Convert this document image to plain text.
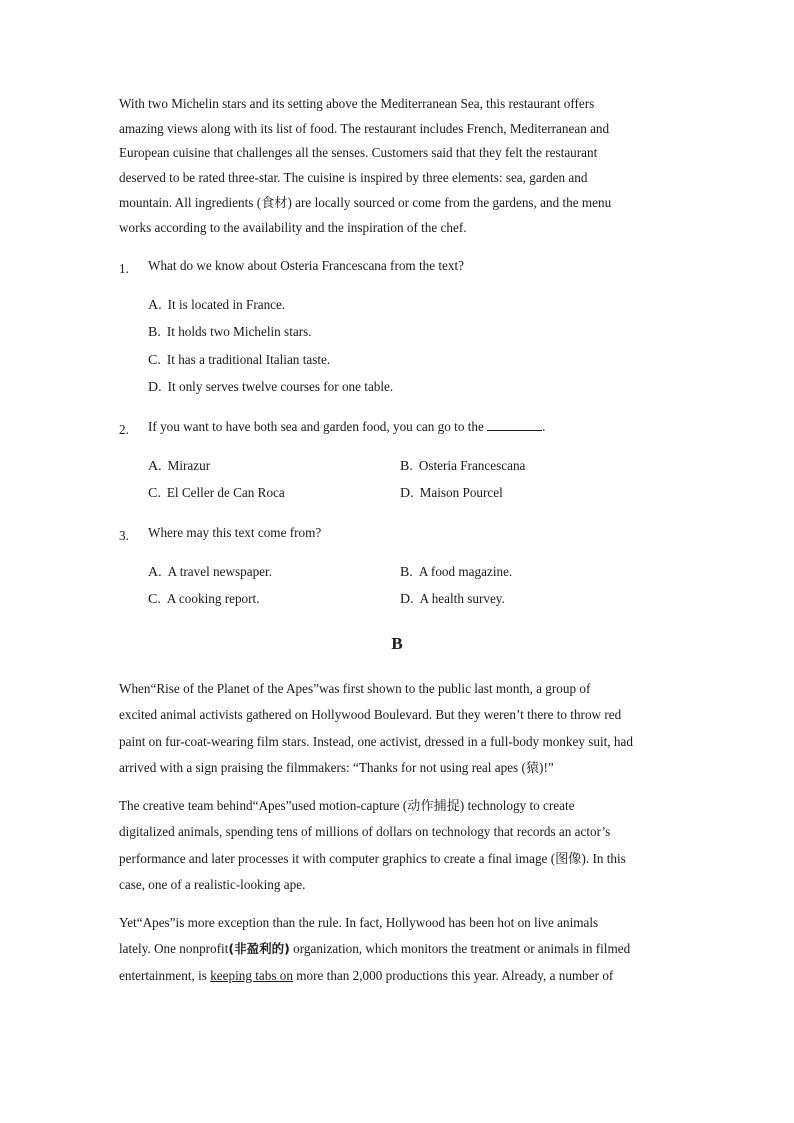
With two Michelin stars and its setting above the Mediterranean Sea, this restaurant offers
amazing views along with its list of food. The restaurant includes French, Mediterranean and
European cuisine that challenges all the senses. Customers said that they felt the restaurant
deserved to be rated three-star. The cuisine is inspired by three elements: sea, garden and
mountain. All ingredients (食材) are locally sourced or come from the gardens, and the menu
works according to the availability and the inspiration of the chef.
1. What do we know about Osteria Francescana from the text?
A. It is located in France.
B. It holds two Michelin stars.
C. It has a traditional Italian taste.
D. It only serves twelve courses for one table.
2. If you want to have both sea and garden food, you can go to the	.
A. Mirazur	B. Osteria Francescana
C. El Celler de Can Roca	D. Maison Pourcel
3. Where may this text come from?
A. A travel newspaper.	B. A food magazine.
C. A cooking report.	D. A health survey.
B
When“Rise of the Planet of the Apes”was first shown to the public last month, a group of
excited animal activists gathered on Hollywood Boulevard. But they weren’t there to throw red
paint on fur-coat-wearing film stars. Instead, one activist, dressed in a full-body monkey suit, had
arrived with a sign praising the filmmakers: “Thanks for not using real apes (猿)!”
The creative team behind“Apes”used motion-capture (动作捕捉) technology to create
digitalized animals, spending tens of millions of dollars on technology that records an actor’s
performance and later processes it with computer graphics to create a final image (图像). In this
case, one of a realistic-looking ape.
Yet“Apes”is more exception than the rule. In fact, Hollywood has been hot on live animals
lately. One nonprofit(非盈利的) organization, which monitors the treatment or animals in filmed
entertainment, is keeping tabs on more than 2,000 productions this year. Already, a number of
